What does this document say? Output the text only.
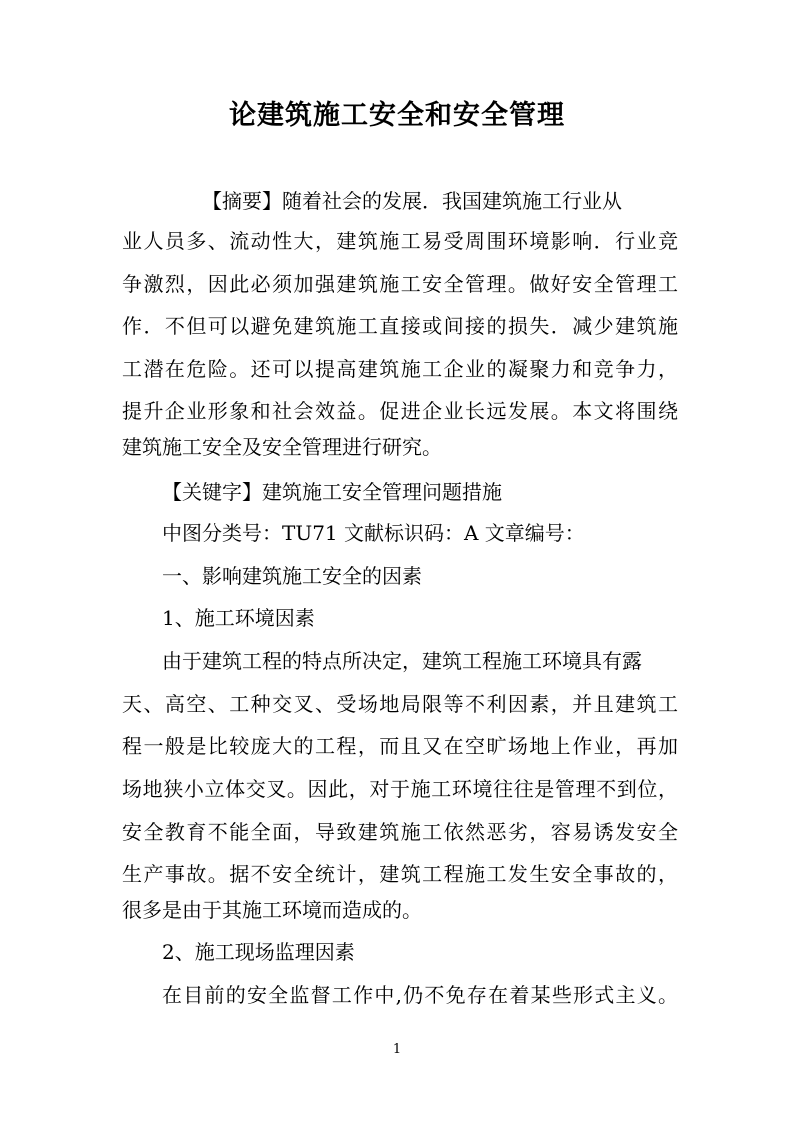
论建筑施工安全和安全管理
【摘要】随着社会的发展．我国建筑施工行业从
业人员多、流动性大，建筑施工易受周围环境影响．行业竞
争激烈，因此必须加强建筑施工安全管理。做好安全管理工
作．不但可以避免建筑施工直接或间接的损失．减少建筑施
工潜在危险。还可以提高建筑施工企业的凝聚力和竞争力，
提升企业形象和社会效益。促进企业长远发展。本文将围绕
建筑施工安全及安全管理进行研究。
【关键字】建筑施工安全管理问题措施
中图分类号：TU71 文献标识码：A 文章编号：
一、影响建筑施工安全的因素
1、施工环境因素
由于建筑工程的特点所决定，建筑工程施工环境具有露
天、高空、工种交叉、受场地局限等不利因素，并且建筑工
程一般是比较庞大的工程，而且又在空旷场地上作业，再加
场地狭小立体交叉。因此，对于施工环境往往是管理不到位，
安全教育不能全面，导致建筑施工依然恶劣，容易诱发安全
生产事故。据不安全统计，建筑工程施工发生安全事故的，
很多是由于其施工环境而造成的。
2、施工现场监理因素
在目前的安全监督工作中,仍不免存在着某些形式主义。
1
